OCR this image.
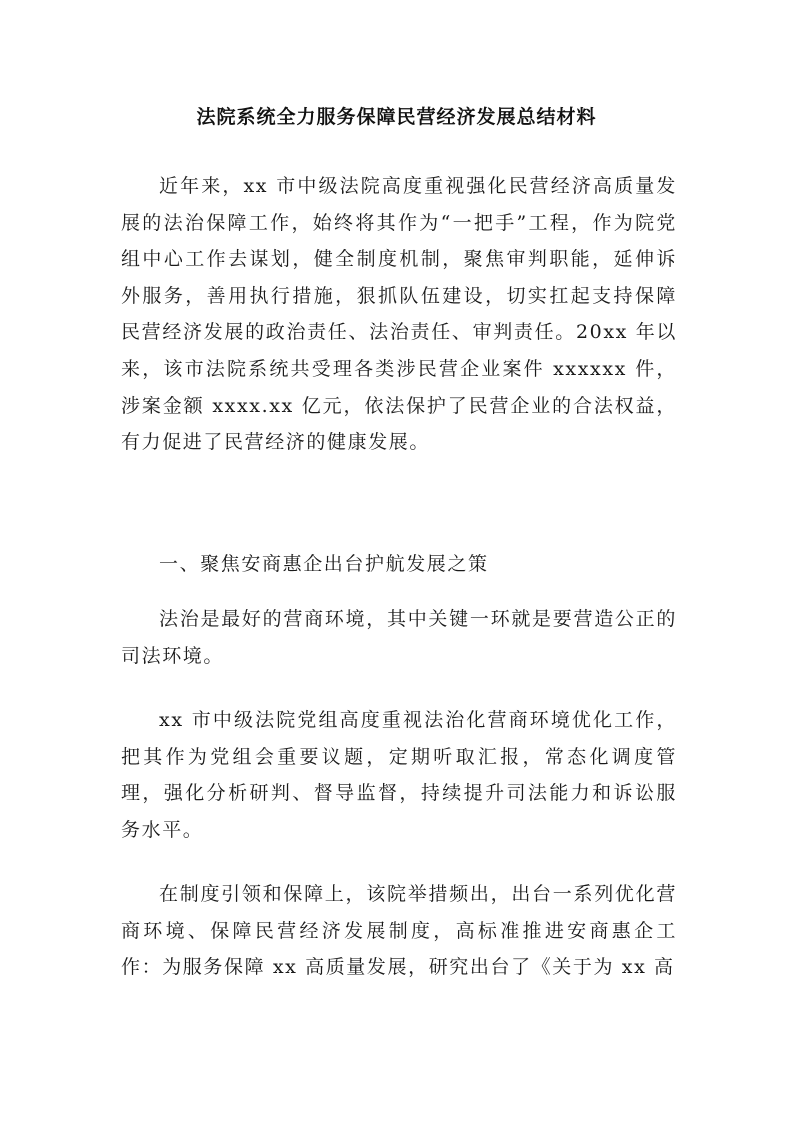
法院系统全力服务保障民营经济发展总结材料

近年来，xx 市中级法院高度重视强化民营经济高质量发展的法治保障工作，始终将其作为“一把手”工程，作为院党组中心工作去谋划，健全制度机制，聚焦审判职能，延伸诉外服务，善用执行措施，狠抓队伍建设，切实扛起支持保障民营经济发展的政治责任、法治责任、审判责任。20xx 年以来，该市法院系统共受理各类涉民营企业案件 xxxxxx 件，涉案金额 xxxx.xx 亿元，依法保护了民营企业的合法权益，有力促进了民营经济的健康发展。

一、聚焦安商惠企出台护航发展之策

法治是最好的营商环境，其中关键一环就是要营造公正的司法环境。

xx 市中级法院党组高度重视法治化营商环境优化工作，把其作为党组会重要议题，定期听取汇报，常态化调度管理，强化分析研判、督导监督，持续提升司法能力和诉讼服务水平。

在制度引领和保障上，该院举措频出，出台一系列优化营商环境、保障民营经济发展制度，高标准推进安商惠企工作：为服务保障 xx 高质量发展，研究出台了《关于为 xx 高
